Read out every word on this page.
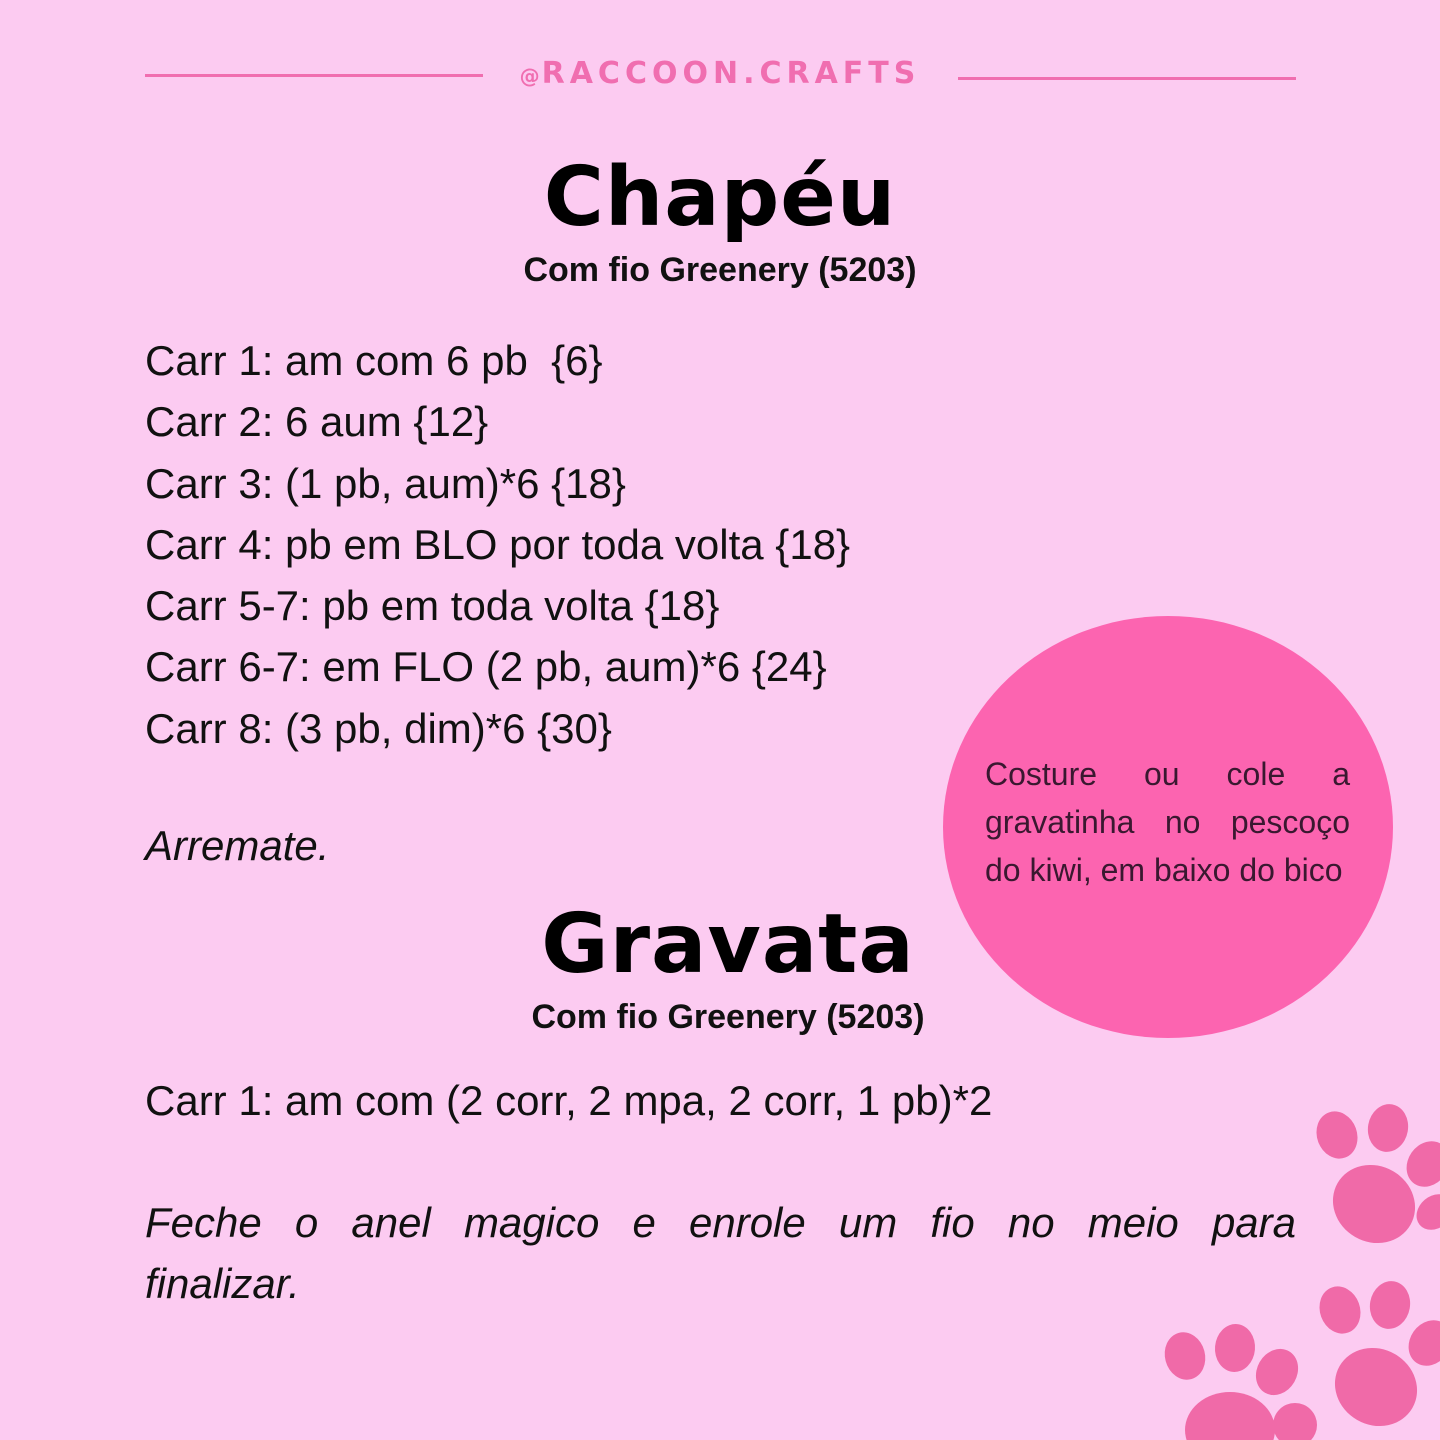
@RACCOON.CRAFTS
Chapéu
Com fio Greenery (5203)
Carr 1: am com 6 pb  {6}
Carr 2: 6 aum {12}
Carr 3: (1 pb, aum)*6 {18}
Carr 4: pb em BLO por toda volta {18}
Carr 5-7: pb em toda volta {18}
Carr 6-7: em FLO (2 pb, aum)*6 {24}
Carr 8: (3 pb, dim)*6 {30}
Arremate.
Costure ou cole a gravatinha no pescoço do kiwi, em baixo do bico
Gravata
Com fio Greenery (5203)
Carr 1: am com (2 corr, 2 mpa, 2 corr, 1 pb)*2
Feche o anel magico e enrole um fio no meio para
finalizar.
